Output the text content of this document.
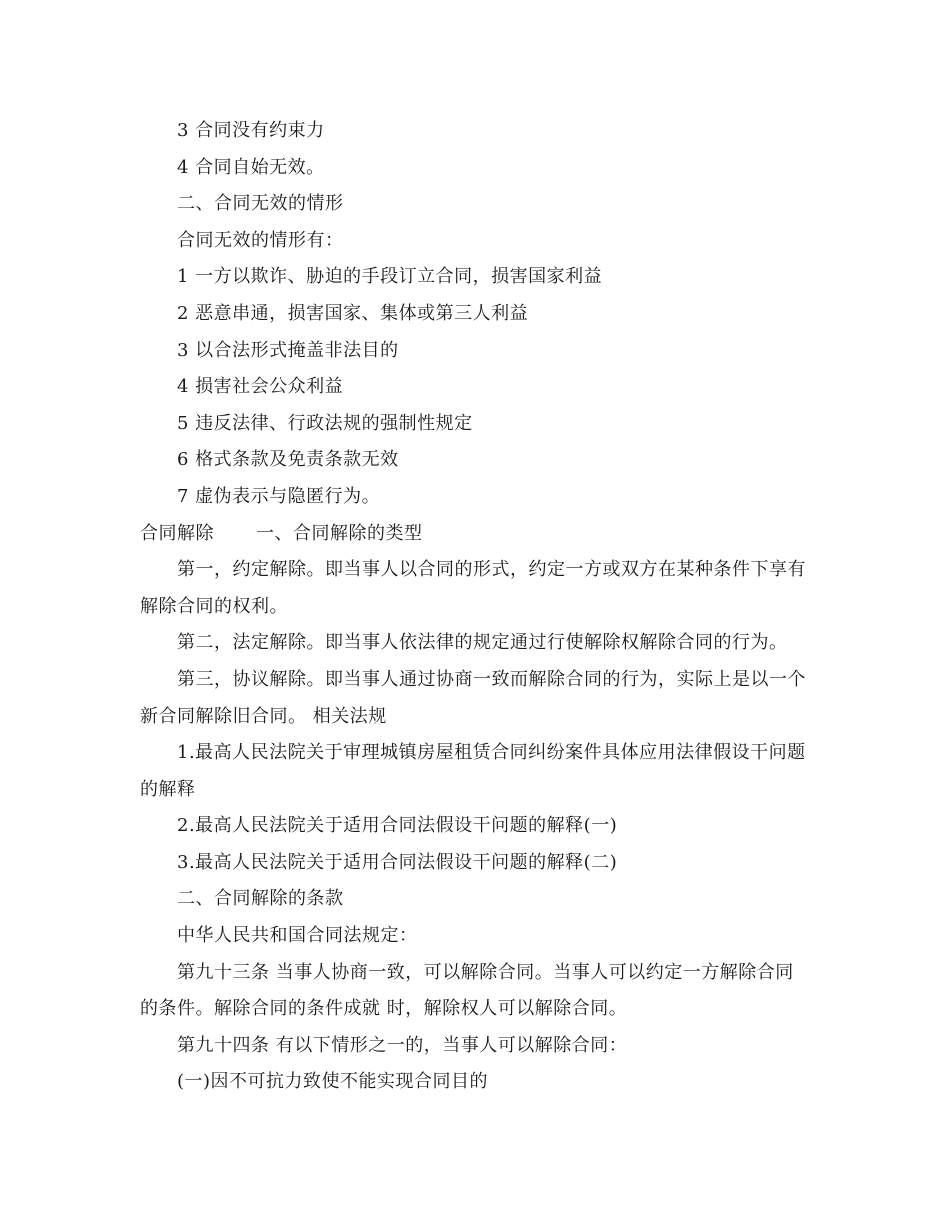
3 合同没有约束力
4 合同自始无效。
二、合同无效的情形
合同无效的情形有：
1 一方以欺诈、胁迫的手段订立合同，损害国家利益
2 恶意串通，损害国家、集体或第三人利益
3 以合法形式掩盖非法目的
4 损害社会公众利益
5 违反法律、行政法规的强制性规定
6 格式条款及免责条款无效
7 虚伪表示与隐匿行为。
合同解除 一、合同解除的类型
第一，约定解除。即当事人以合同的形式，约定一方或双方在某种条件下享有
解除合同的权利。
第二，法定解除。即当事人依法律的规定通过行使解除权解除合同的行为。
第三，协议解除。即当事人通过协商一致而解除合同的行为，实际上是以一个
新合同解除旧合同。 相关法规
1.最高人民法院关于审理城镇房屋租赁合同纠纷案件具体应用法律假设干问题
的解释
2.最高人民法院关于适用合同法假设干问题的解释(一)
3.最高人民法院关于适用合同法假设干问题的解释(二)
二、合同解除的条款
中华人民共和国合同法规定：
第九十三条 当事人协商一致，可以解除合同。当事人可以约定一方解除合同
的条件。解除合同的条件成就 时，解除权人可以解除合同。
第九十四条 有以下情形之一的，当事人可以解除合同：
(一)因不可抗力致使不能实现合同目的
